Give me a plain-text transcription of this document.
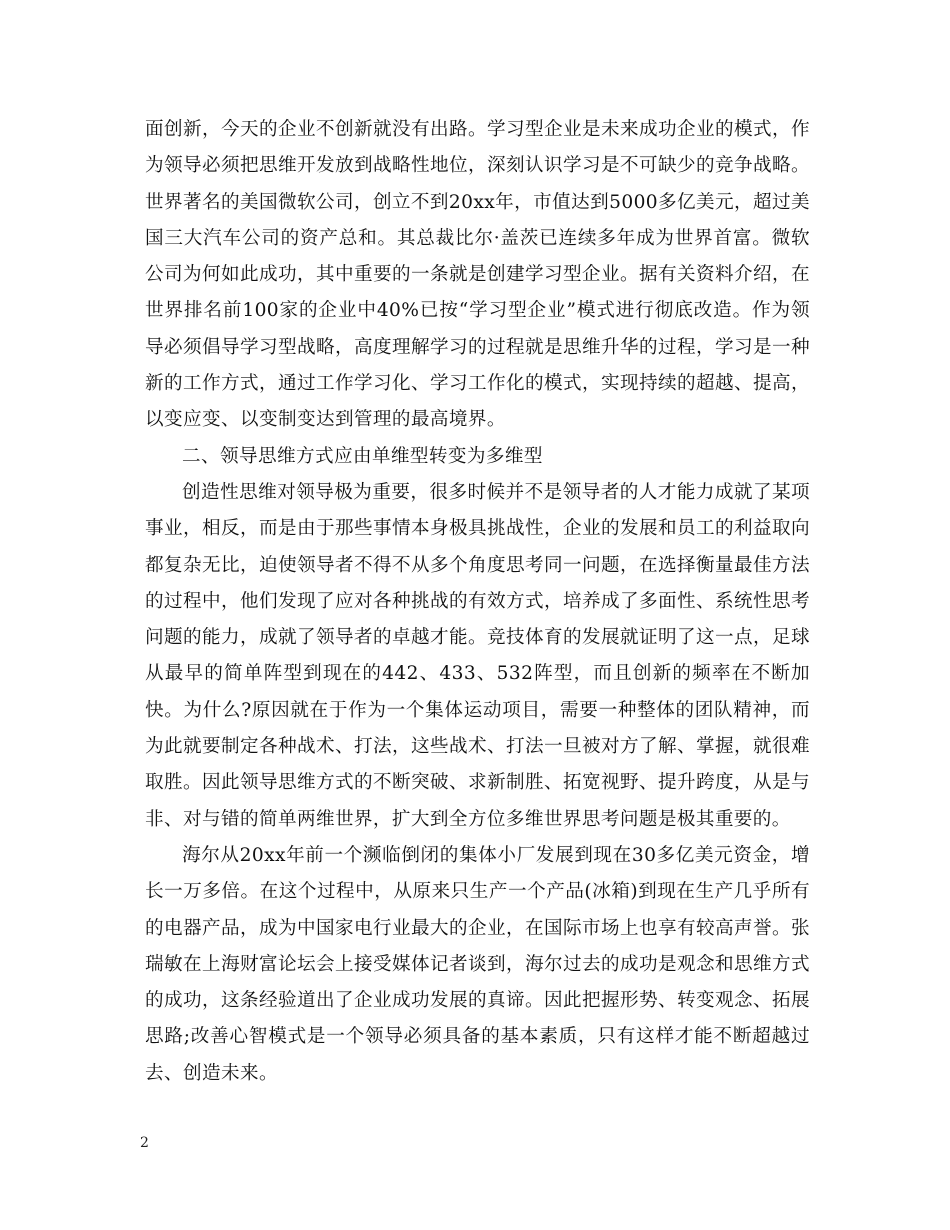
面创新，今天的企业不创新就没有出路。学习型企业是未来成功企业的模式，作为领导必须把思维开发放到战略性地位，深刻认识学习是不可缺少的竞争战略。世界著名的美国微软公司，创立不到20xx年，市值达到5000多亿美元，超过美国三大汽车公司的资产总和。其总裁比尔·盖茨已连续多年成为世界首富。微软公司为何如此成功，其中重要的一条就是创建学习型企业。据有关资料介绍，在世界排名前100家的企业中40%已按“学习型企业”模式进行彻底改造。作为领导必须倡导学习型战略，高度理解学习的过程就是思维升华的过程，学习是一种新的工作方式，通过工作学习化、学习工作化的模式，实现持续的超越、提高，以变应变、以变制变达到管理的最高境界。

二、领导思维方式应由单维型转变为多维型

创造性思维对领导极为重要，很多时候并不是领导者的人才能力成就了某项事业，相反，而是由于那些事情本身极具挑战性，企业的发展和员工的利益取向都复杂无比，迫使领导者不得不从多个角度思考同一问题，在选择衡量最佳方法的过程中，他们发现了应对各种挑战的有效方式，培养成了多面性、系统性思考问题的能力，成就了领导者的卓越才能。竞技体育的发展就证明了这一点，足球从最早的简单阵型到现在的442、433、532阵型，而且创新的频率在不断加快。为什么?原因就在于作为一个集体运动项目，需要一种整体的团队精神，而为此就要制定各种战术、打法，这些战术、打法一旦被对方了解、掌握，就很难取胜。因此领导思维方式的不断突破、求新制胜、拓宽视野、提升跨度，从是与非、对与错的简单两维世界，扩大到全方位多维世界思考问题是极其重要的。

海尔从20xx年前一个濒临倒闭的集体小厂发展到现在30多亿美元资金，增长一万多倍。在这个过程中，从原来只生产一个产品(冰箱)到现在生产几乎所有的电器产品，成为中国家电行业最大的企业，在国际市场上也享有较高声誉。张瑞敏在上海财富论坛会上接受媒体记者谈到，海尔过去的成功是观念和思维方式的成功，这条经验道出了企业成功发展的真谛。因此把握形势、转变观念、拓展思路;改善心智模式是一个领导必须具备的基本素质，只有这样才能不断超越过去、创造未来。

2
